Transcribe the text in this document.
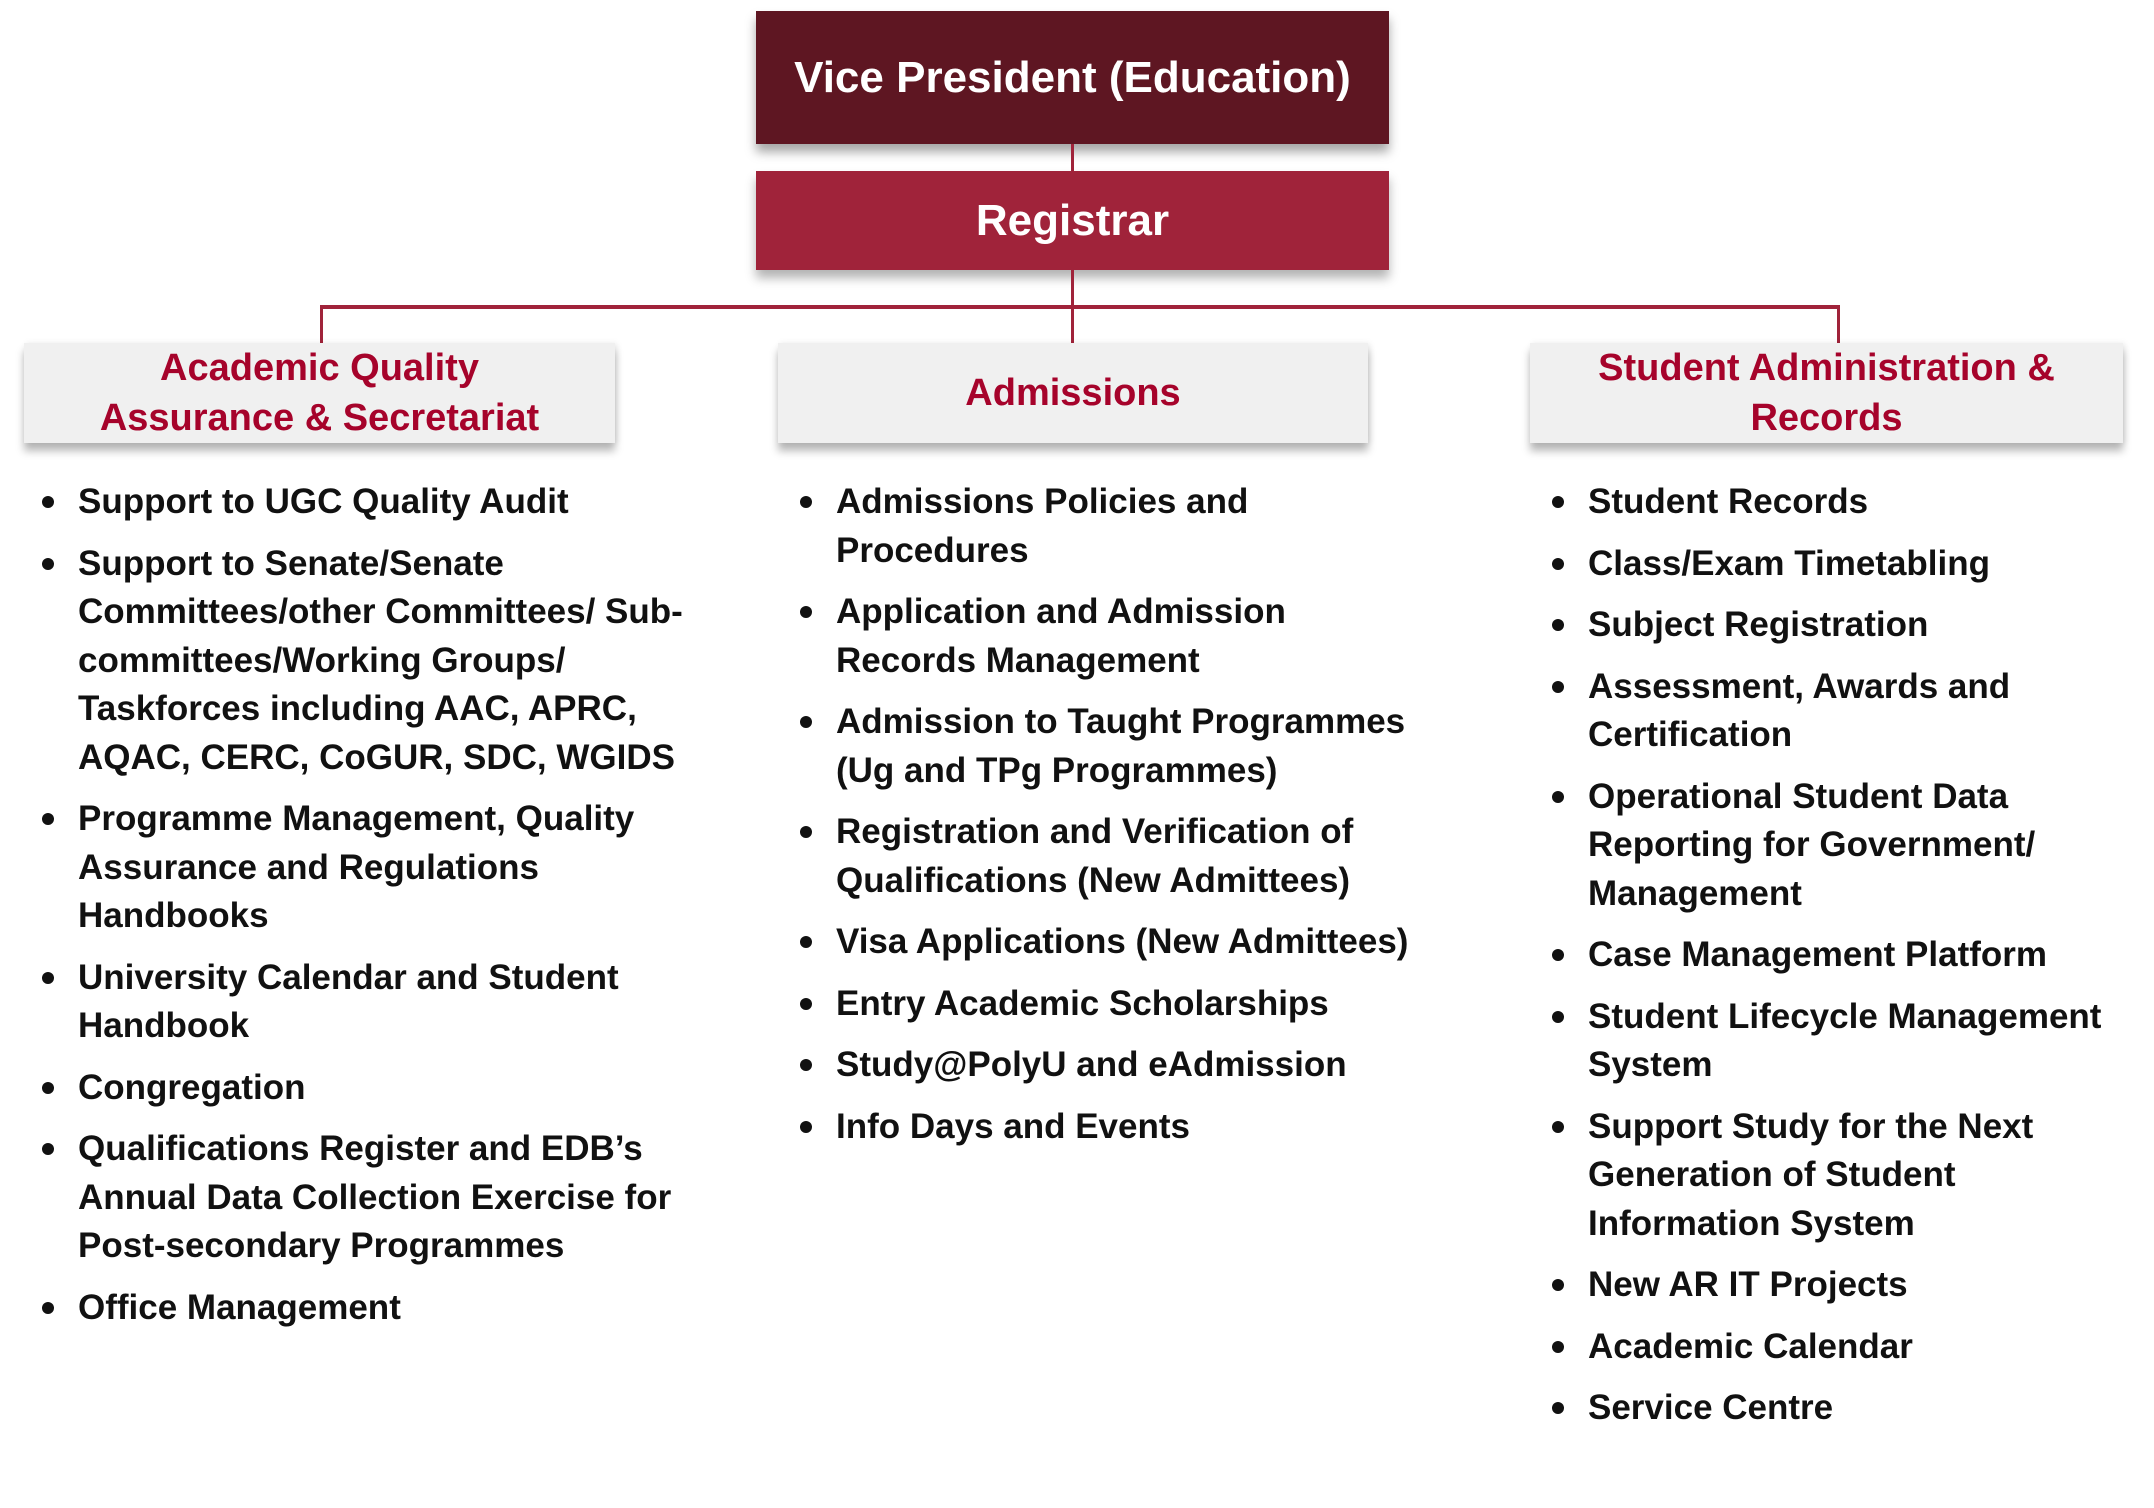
Vice President (Education)
Registrar
Academic Quality
Assurance & Secretariat
Admissions
Student Administration &
Records
Support to UGC Quality Audit
Support to Senate/Senate Committees/other Committees/ Sub-committees/Working Groups/ Taskforces including AAC, APRC, AQAC, CERC, CoGUR, SDC, WGIDS
Programme Management, Quality Assurance and Regulations Handbooks
University Calendar and Student Handbook
Congregation
Qualifications Register and EDB’s Annual Data Collection Exercise for Post-secondary Programmes
Office Management
Admissions Policies and Procedures
Application and Admission Records Management
Admission to Taught Programmes (Ug and TPg Programmes)
Registration and Verification of Qualifications (New Admittees)
Visa Applications (New Admittees)
Entry Academic Scholarships
Study@PolyU and eAdmission
Info Days and Events
Student Records
Class/Exam Timetabling
Subject Registration
Assessment, Awards and Certification
Operational Student Data Reporting for Government/ Management
Case Management Platform
Student Lifecycle Management System
Support Study for the Next Generation of Student Information System
New AR IT Projects
Academic Calendar
Service Centre
